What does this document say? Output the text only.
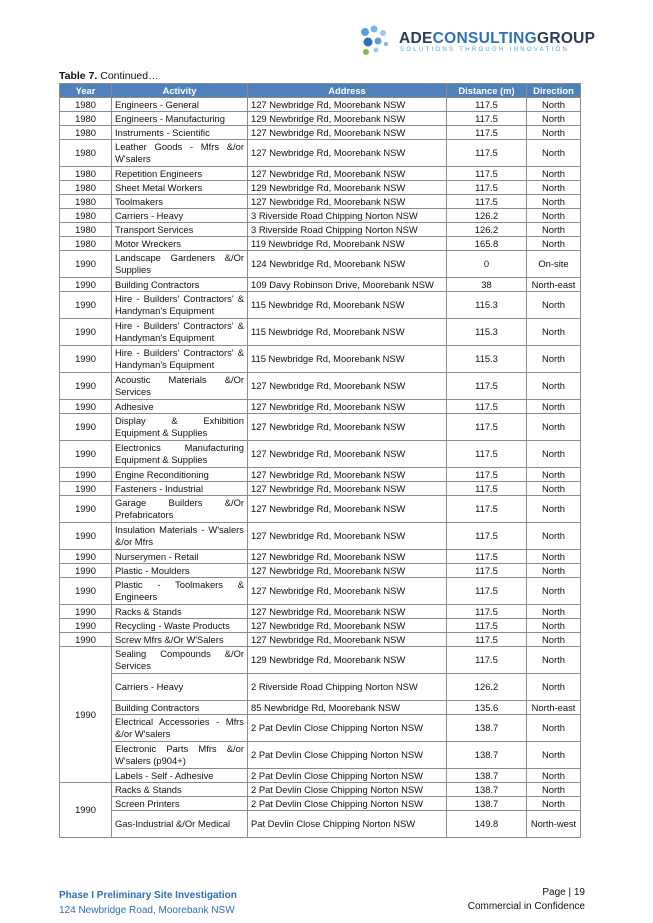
ADECONSULTINGGROUP
SOLUTIONS THROUGH INNOVATION
Table 7. Continued…
Year	Activity	Address	Distance (m)	Direction
1980	Engineers - General	127 Newbridge Rd, Moorebank NSW	117.5	North
1980	Engineers - Manufacturing	129 Newbridge Rd, Moorebank NSW	117.5	North
1980	Instruments - Scientific	127 Newbridge Rd, Moorebank NSW	117.5	North
1980	Leather Goods - Mfrs &/or W'salers	127 Newbridge Rd, Moorebank NSW	117.5	North
1980	Repetition Engineers	127 Newbridge Rd, Moorebank NSW	117.5	North
1980	Sheet Metal Workers	129 Newbridge Rd, Moorebank NSW	117.5	North
1980	Toolmakers	127 Newbridge Rd, Moorebank NSW	117.5	North
1980	Carriers - Heavy	3 Riverside Road Chipping Norton NSW	126.2	North
1980	Transport Services	3 Riverside Road Chipping Norton NSW	126.2	North
1980	Motor Wreckers	119 Newbridge Rd, Moorebank NSW	165.8	North
1990	Landscape Gardeners &/Or Supplies	124 Newbridge Rd, Moorebank NSW	0	On-site
1990	Building Contractors	109 Davy Robinson Drive, Moorebank NSW	38	North-east
1990	Hire - Builders' Contractors' & Handyman's Equipment	115 Newbridge Rd, Moorebank NSW	115.3	North
1990	Hire - Builders' Contractors' & Handyman's Equipment	115 Newbridge Rd, Moorebank NSW	115.3	North
1990	Hire - Builders' Contractors' & Handyman's Equipment	115 Newbridge Rd, Moorebank NSW	115.3	North
1990	Acoustic Materials &/Or Services	127 Newbridge Rd, Moorebank NSW	117.5	North
1990	Adhesive	127 Newbridge Rd, Moorebank NSW	117.5	North
1990	Display & Exhibition Equipment & Supplies	127 Newbridge Rd, Moorebank NSW	117.5	North
1990	Electronics Manufacturing Equipment & Supplies	127 Newbridge Rd, Moorebank NSW	117.5	North
1990	Engine Reconditioning	127 Newbridge Rd, Moorebank NSW	117.5	North
1990	Fasteners - Industrial	127 Newbridge Rd, Moorebank NSW	117.5	North
1990	Garage Builders &/Or Prefabricators	127 Newbridge Rd, Moorebank NSW	117.5	North
1990	Insulation Materials - W'salers &/or Mfrs	127 Newbridge Rd, Moorebank NSW	117.5	North
1990	Nurserymen - Retail	127 Newbridge Rd, Moorebank NSW	117.5	North
1990	Plastic - Moulders	127 Newbridge Rd, Moorebank NSW	117.5	North
1990	Plastic - Toolmakers & Engineers	127 Newbridge Rd, Moorebank NSW	117.5	North
1990	Racks & Stands	127 Newbridge Rd, Moorebank NSW	117.5	North
1990	Recycling - Waste Products	127 Newbridge Rd, Moorebank NSW	117.5	North
1990	Screw Mfrs &/Or W'Salers	127 Newbridge Rd, Moorebank NSW	117.5	North
1990	Sealing Compounds &/Or Services	129 Newbridge Rd, Moorebank NSW	117.5	North
	Carriers - Heavy	2 Riverside Road Chipping Norton NSW	126.2	North
	Building Contractors	85 Newbridge Rd, Moorebank NSW	135.6	North-east
	Electrical Accessories - Mfrs &/or W'salers	2 Pat Devlin Close Chipping Norton NSW	138.7	North
	Electronic Parts Mfrs &/or W'salers (p904+)	2 Pat Devlin Close Chipping Norton NSW	138.7	North
	Labels - Self - Adhesive	2 Pat Devlin Close Chipping Norton NSW	138.7	North
1990	Racks & Stands	2 Pat Devlin Close Chipping Norton NSW	138.7	North
	Screen Printers	2 Pat Devlin Close Chipping Norton NSW	138.7	North
	Gas-Industrial &/Or Medical	Pat Devlin Close Chipping Norton NSW	149.8	North-west
Phase I Preliminary Site Investigation
124 Newbridge Road, Moorebank NSW
Page | 19
Commercial in Confidence
